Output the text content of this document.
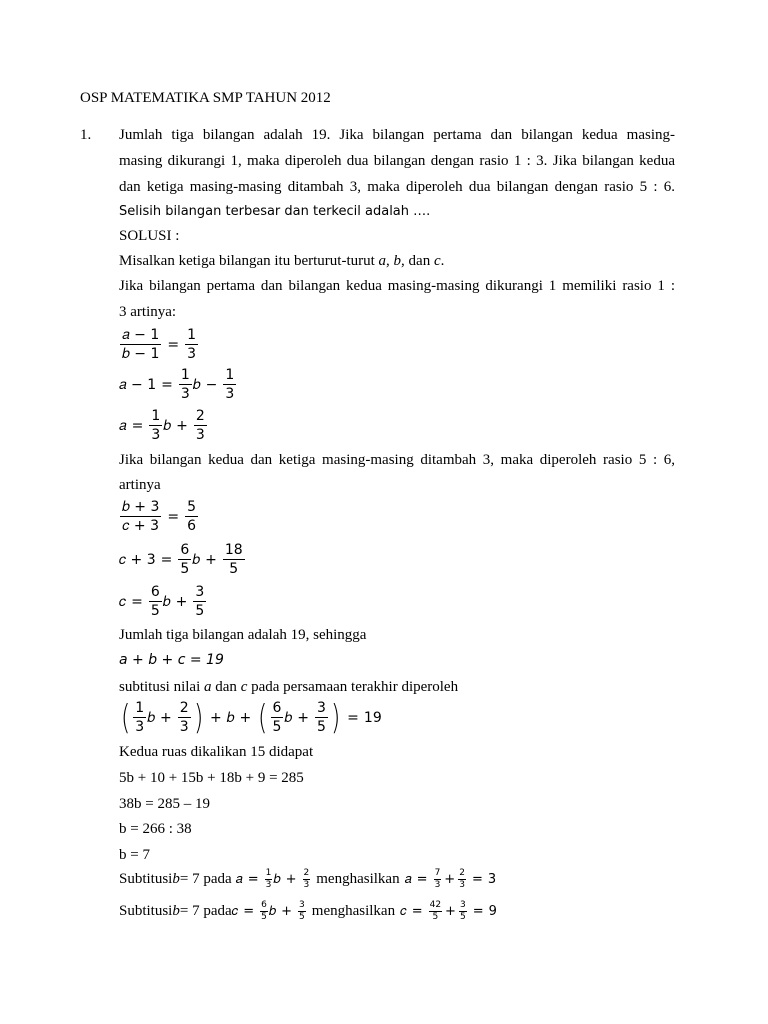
OSP MATEMATIKA SMP TAHUN 2012
1. Jumlah tiga bilangan adalah 19. Jika bilangan pertama dan bilangan kedua masing-
masing dikurangi 1, maka diperoleh dua bilangan dengan rasio 1 : 3. Jika bilangan kedua
dan ketiga masing-masing ditambah 3, maka diperoleh dua bilangan dengan rasio 5 : 6.
Selisih bilangan terbesar dan terkecil adalah ….
SOLUSI :
Misalkan ketiga bilangan itu berturut-turut a, b, dan c.
Jika bilangan pertama dan bilangan kedua masing-masing dikurangi 1 memiliki rasio 1 :
3 artinya:
$\frac{\text{𝑎 − 1}}{\text{𝑏 − 1}} = \frac{1}{3}$
𝑎 − $1 = \frac{1}{3}$ 𝑏 − $\frac{1}{3}$
𝑎 = $\frac{1}{3}$ 𝑏 + $\frac{2}{3}$
Jika bilangan kedua dan ketiga masing-masing ditambah 3, maka diperoleh rasio 5 : 6,
artinya
$\frac{\text{𝑏 + 3}}{\text{𝑐 + 3}} = \frac{5}{6}$
𝑐 + $3 = \frac{6}{5}$ 𝑏 + $\frac{18}{5}$
𝑐 = $\frac{6}{5}$ 𝑏 + $\frac{3}{5}$
Jumlah tiga bilangan adalah 19, sehingga
a + b + c = 19
subtitusi nilai a dan c pada persamaan terakhir diperoleh
( $\frac{1}{3}$ 𝑏 + $\frac{2}{3}$ ) + 𝑏 + ( $\frac{6}{5}$ 𝑏 + $\frac{3}{5}$ ) = 19
Kedua ruas dikalikan 15 didapat
5b + 10 + 15b + 18b + 9 = 285
38b = 285 – 19
b = 266 : 38
b = 7
Subtitusi b = 7 pada 𝑎 = $\frac{1}{3}$ 𝑏 + $\frac{2}{3}$ menghasilkan 𝑎 = $\frac{7}{3} + \frac{2}{3} = 3$
Subtitusi b = 7 pada 𝑐 = $\frac{6}{5}$ 𝑏 + $\frac{3}{5}$ menghasilkan 𝑐 = $\frac{42}{5} + \frac{3}{5} = 9$
